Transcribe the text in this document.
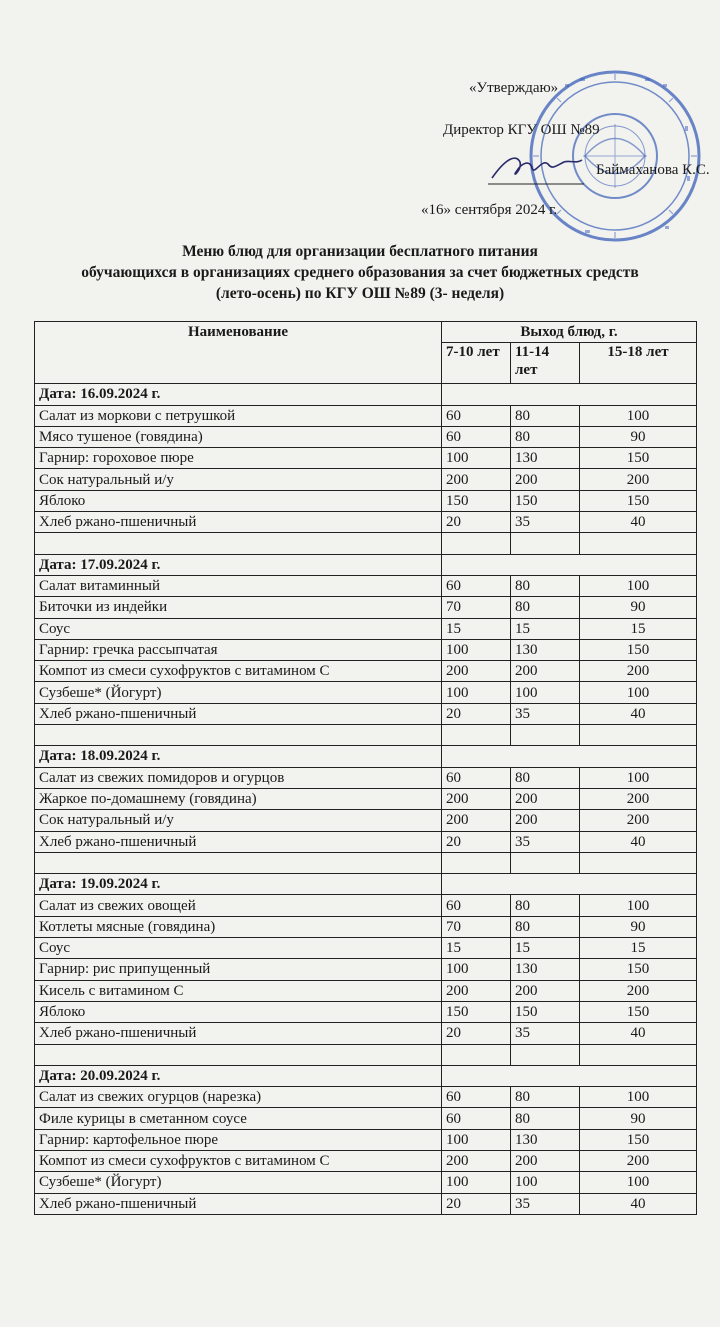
«Утверждаю»
Директор КГУ ОШ №89
Баймаханова К.С.
«16» сентября 2024 г.
Меню блюд для организации бесплатного питания
обучающихся в организациях среднего образования за счет бюджетных средств
(лето-осень) по КГУ ОШ №89 (3- неделя)
Наименование	Выход блюд, г.		
	7-10 лет	11-14 лет	15-18 лет
Дата: 16.09.2024 г.			
Салат из моркови с петрушкой	60	80	100
Мясо тушеное (говядина)	60	80	90
Гарнир: гороховое пюре	100	130	150
Сок натуральный и/у	200	200	200
Яблоко	150	150	150
Хлеб ржано-пшеничный	20	35	40

Дата: 17.09.2024 г.			
Салат витаминный	60	80	100
Биточки из индейки	70	80	90
Соус	15	15	15
Гарнир: гречка рассыпчатая	100	130	150
Компот из смеси сухофруктов с витамином С	200	200	200
Сузбеше* (Йогурт)	100	100	100
Хлеб ржано-пшеничный	20	35	40

Дата: 18.09.2024 г.			
Салат из свежих помидоров и огурцов	60	80	100
Жаркое по-домашнему (говядина)	200	200	200
Сок натуральный и/у	200	200	200
Хлеб ржано-пшеничный	20	35	40

Дата: 19.09.2024 г.			
Салат из свежих овощей	60	80	100
Котлеты мясные (говядина)	70	80	90
Соус	15	15	15
Гарнир: рис припущенный	100	130	150
Кисель с витамином С	200	200	200
Яблоко	150	150	150
Хлеб ржано-пшеничный	20	35	40

Дата: 20.09.2024 г.			
Салат из свежих огурцов (нарезка)	60	80	100
Филе курицы в сметанном соусе	60	80	90
Гарнир: картофельное пюре	100	130	150
Компот из смеси сухофруктов с витамином С	200	200	200
Сузбеше* (Йогурт)	100	100	100
Хлеб ржано-пшеничный	20	35	40
